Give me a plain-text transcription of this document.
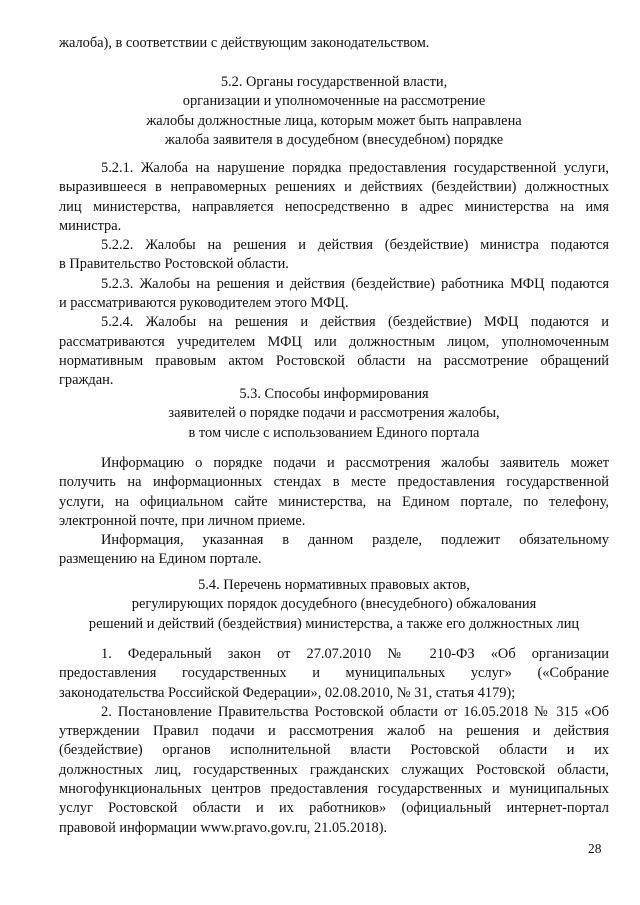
жалоба), в соответствии с действующим законодательством.
5.2. Органы государственной власти,
организации и уполномоченные на рассмотрение
жалобы должностные лица, которым может быть направлена
жалоба заявителя в досудебном (внесудебном) порядке

5.2.1. Жалоба на нарушение порядка предоставления государственной услуги,
выразившееся в неправомерных решениях и действиях (бездействии) должностных
лиц министерства, направляется непосредственно в адрес министерства на имя
министра.

5.2.2. Жалобы на решения и действия (бездействие) министра подаются
в Правительство Ростовской области.

5.2.3. Жалобы на решения и действия (бездействие) работника МФЦ подаются
и рассматриваются руководителем этого МФЦ.

5.2.4. Жалобы на решения и действия (бездействие) МФЦ подаются и
рассматриваются учредителем МФЦ или должностным лицом, уполномоченным
нормативным правовым актом Ростовской области на рассмотрение обращений
граждан.

5.3. Способы информирования
заявителей о порядке подачи и рассмотрения жалобы,
в том числе с использованием Единого портала

Информацию о порядке подачи и рассмотрения жалобы заявитель может
получить на информационных стендах в месте предоставления государственной
услуги, на официальном сайте министерства, на Едином портале, по телефону,
электронной почте, при личном приеме.

Информация, указанная в данном разделе, подлежит обязательному
размещению на Едином портале.

5.4. Перечень нормативных правовых актов,
регулирующих порядок досудебного (внесудебного) обжалования
решений и действий (бездействия) министерства, а также его должностных лиц

1. Федеральный закон от 27.07.2010 № 210-ФЗ «Об организации
предоставления государственных и муниципальных услуг» («Собрание
законодательства Российской Федерации», 02.08.2010, № 31, статья 4179);

2. Постановление Правительства Ростовской области от 16.05.2018 № 315 «Об
утверждении Правил подачи и рассмотрения жалоб на решения и действия
(бездействие) органов исполнительной власти Ростовской области и их
должностных лиц, государственных гражданских служащих Ростовской области,
многофункциональных центров предоставления государственных и муниципальных
услуг Ростовской области и их работников» (официальный интернет-портал
правовой информации www.pravo.gov.ru, 21.05.2018).

28
